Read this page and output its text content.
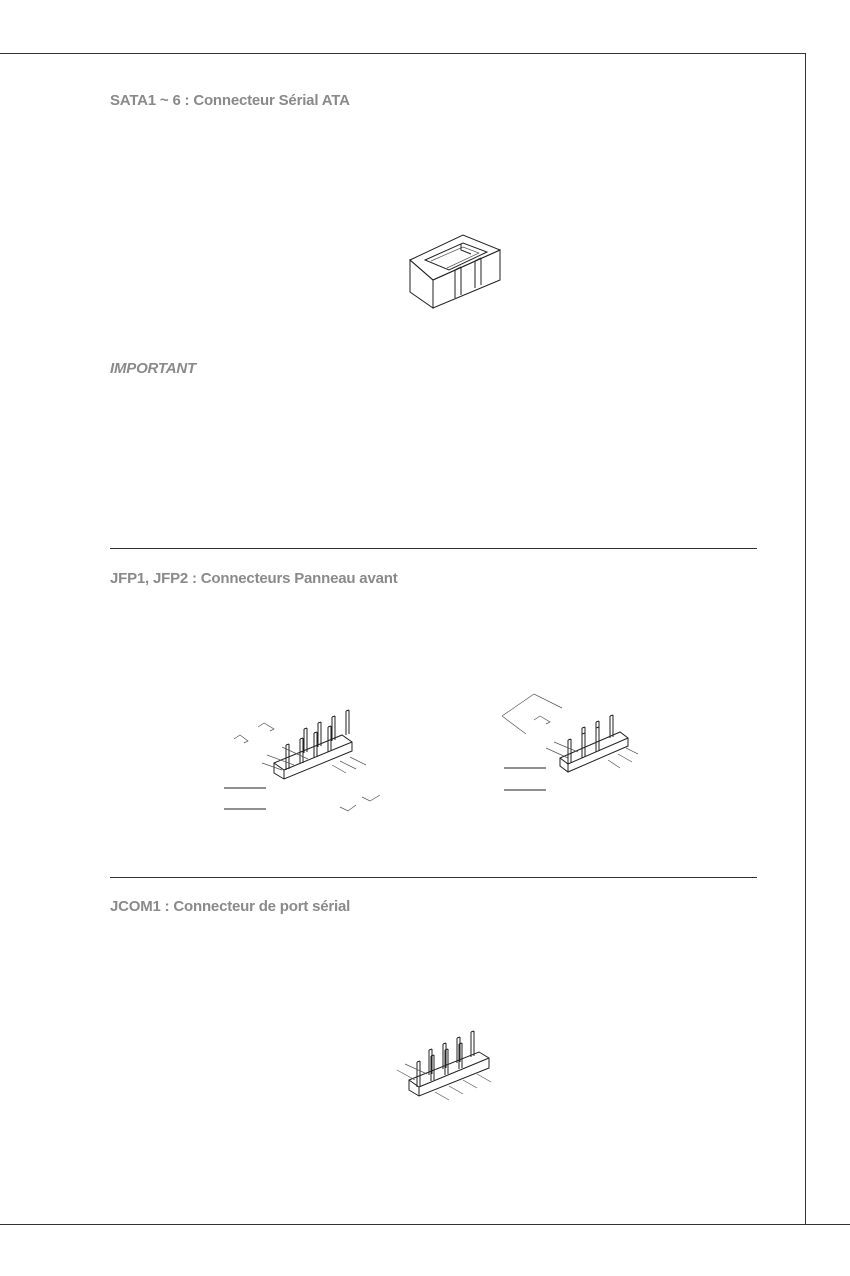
SATA1 ~ 6 : Connecteur Sérial ATA
IMPORTANT
JFP1, JFP2 : Connecteurs Panneau avant
JCOM1 : Connecteur de port sérial
